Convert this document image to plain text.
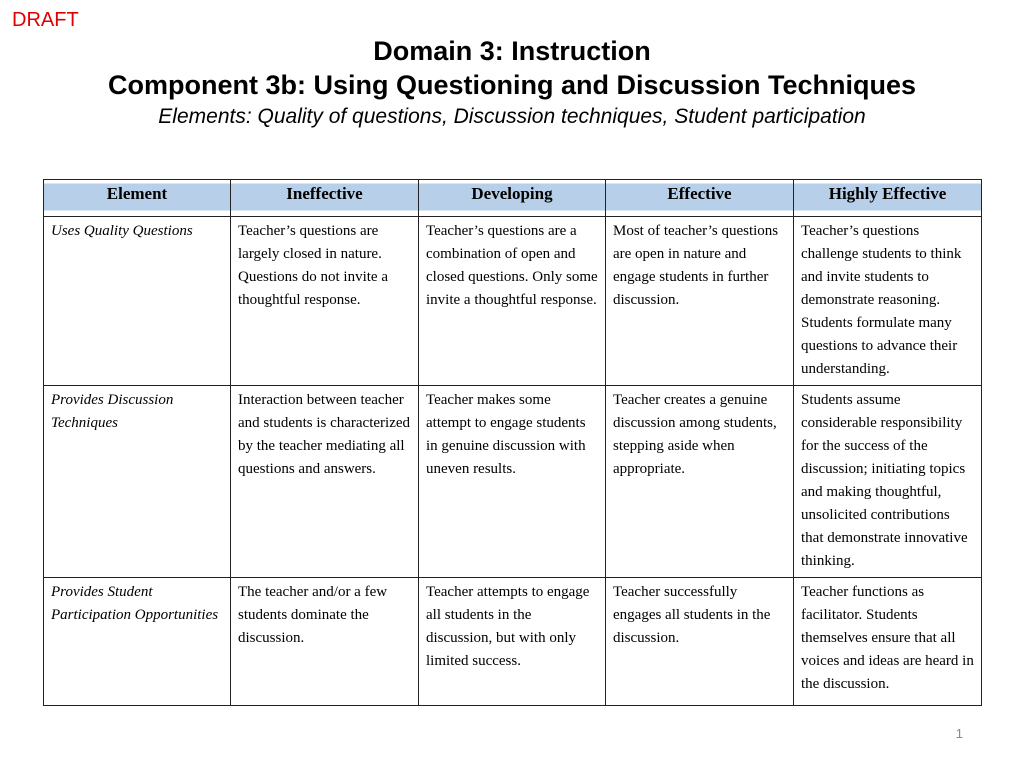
DRAFT

Domain 3: Instruction

Component 3b: Using Questioning and Discussion Techniques

Elements: Quality of questions, Discussion techniques, Student participation

Element	Ineffective	Developing	Effective	Highly Effective
Uses Quality Questions	Teacher’s questions are largely closed in nature. Questions do not invite a thoughtful response.	Teacher’s questions are a combination of open and closed questions. Only some invite a thoughtful response.	Most of teacher’s questions are open in nature and engage students in further discussion.	Teacher’s questions challenge students to think and invite students to demonstrate reasoning. Students formulate many questions to advance their understanding.
Provides Discussion Techniques	Interaction between teacher and students is characterized by the teacher mediating all questions and answers.	Teacher makes some attempt to engage students in genuine discussion with uneven results.	Teacher creates a genuine discussion among students, stepping aside when appropriate.	Students assume considerable responsibility for the success of the discussion; initiating topics and making thoughtful, unsolicited contributions that demonstrate innovative thinking.
Provides Student Participation Opportunities	The teacher and/or a few students dominate the discussion.	Teacher attempts to engage all students in the discussion, but with only limited success.	Teacher successfully engages all students in the discussion.	Teacher functions as facilitator. Students themselves ensure that all voices and ideas are heard in the discussion.
1
